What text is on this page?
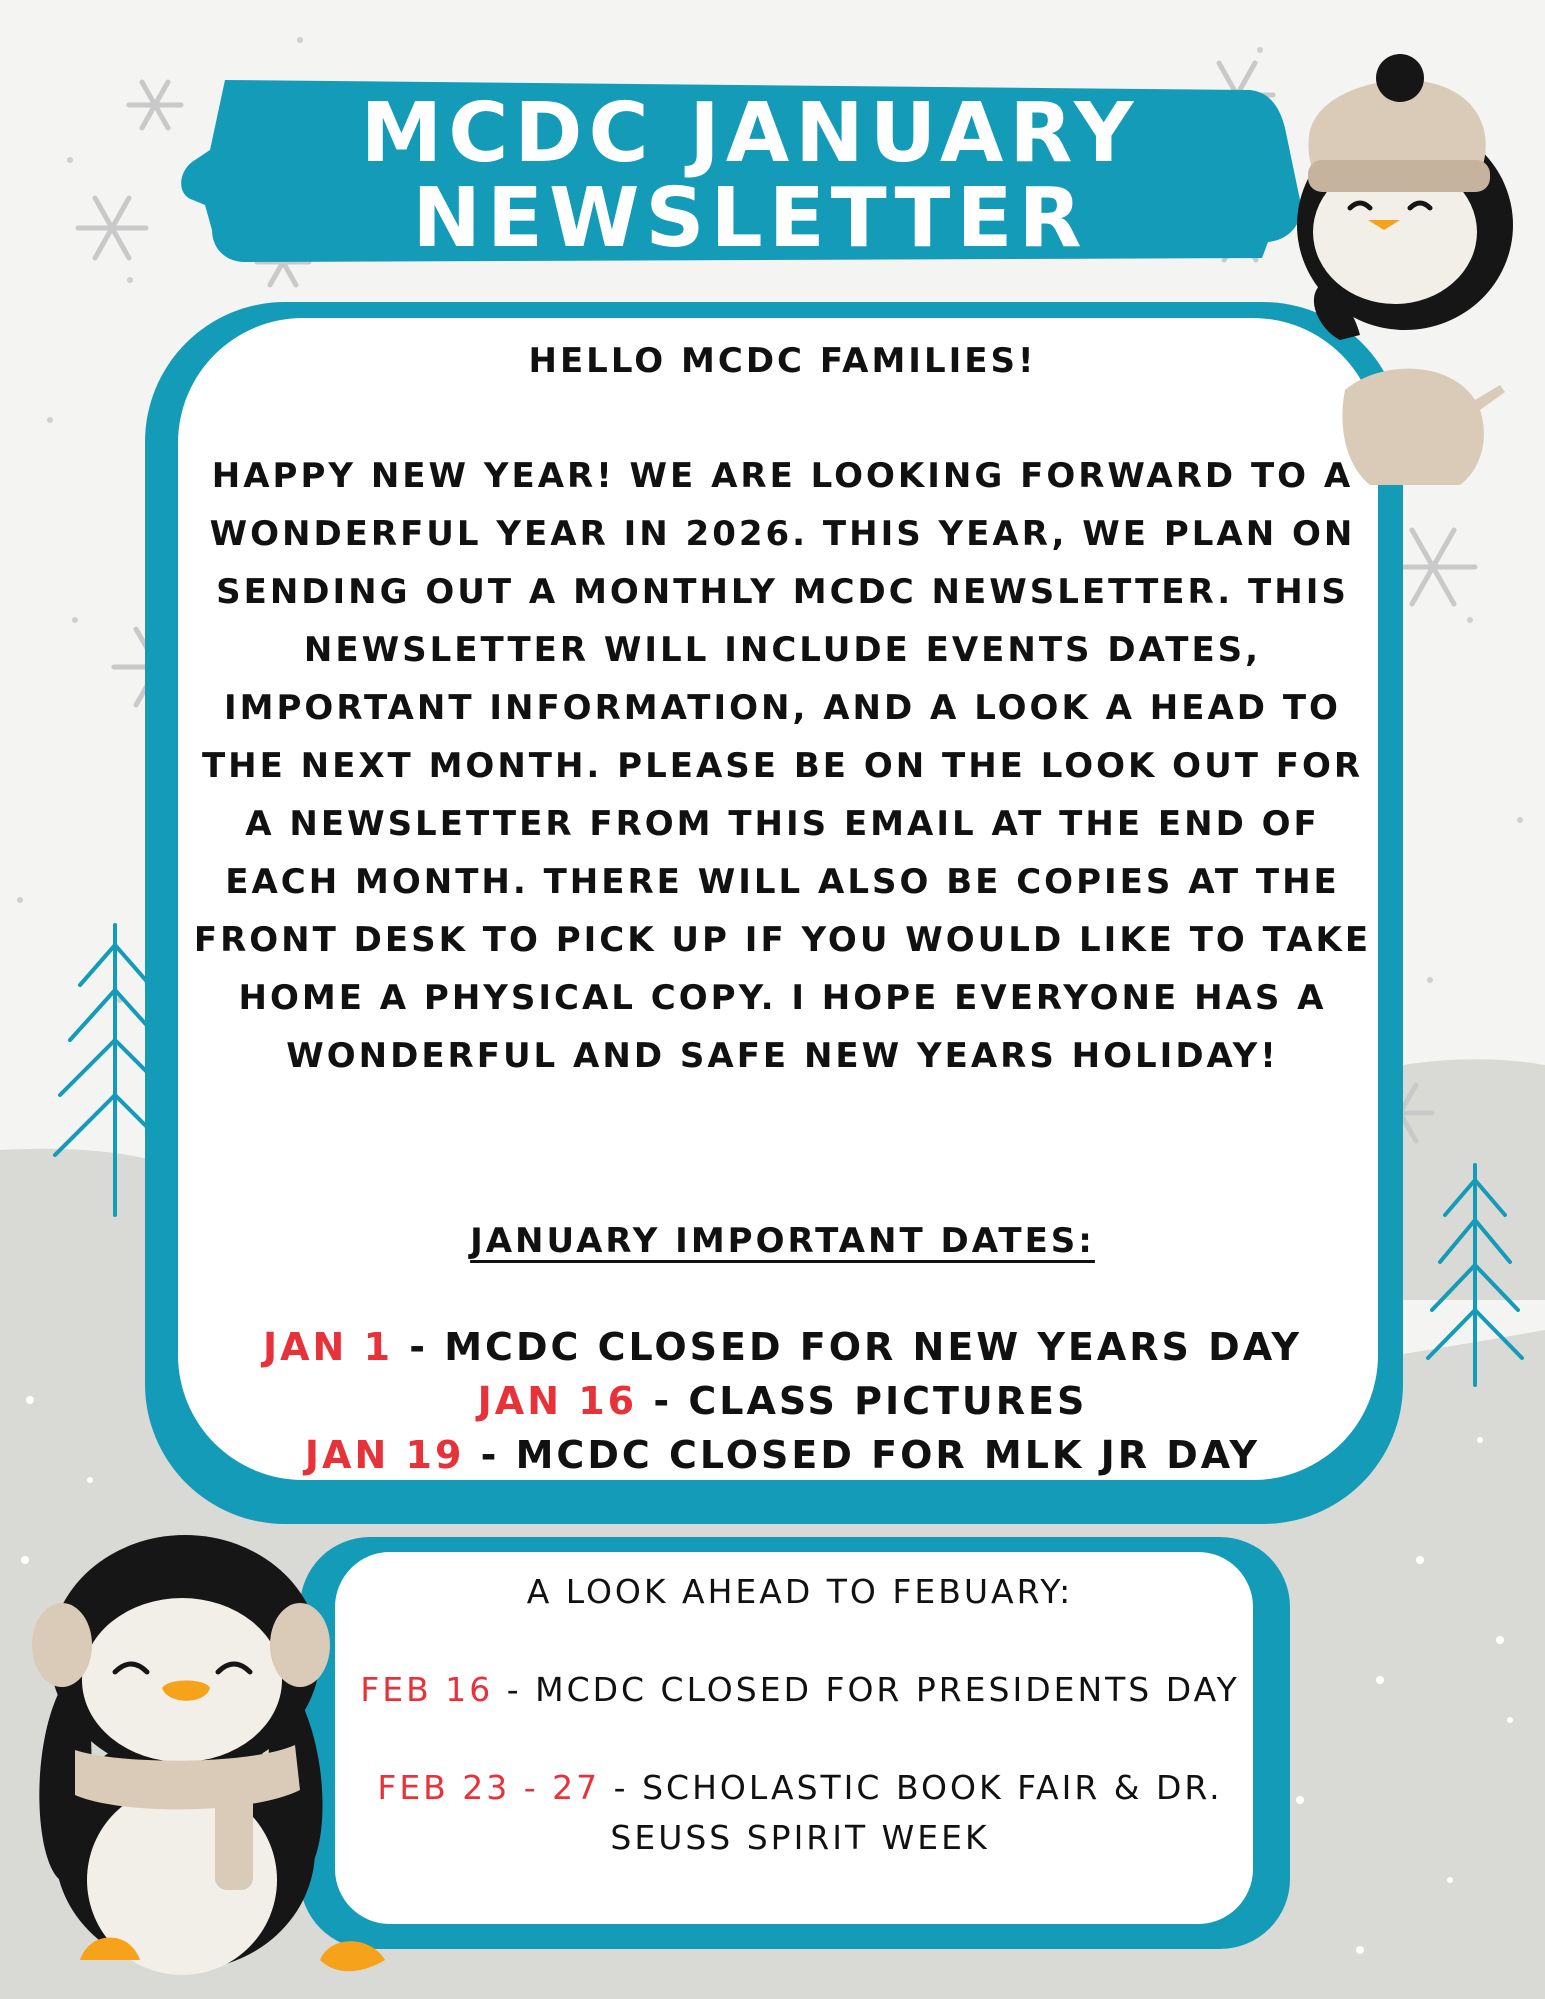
MCDC JANUARY
NEWSLETTER
HELLO MCDC FAMILIES!
HAPPY NEW YEAR! WE ARE LOOKING FORWARD TO A WONDERFUL YEAR IN 2026. THIS YEAR, WE PLAN ON SENDING OUT A MONTHLY MCDC NEWSLETTER. THIS NEWSLETTER WILL INCLUDE EVENTS DATES, IMPORTANT INFORMATION, AND A LOOK A HEAD TO THE NEXT MONTH. PLEASE BE ON THE LOOK OUT FOR A NEWSLETTER FROM THIS EMAIL AT THE END OF EACH MONTH. THERE WILL ALSO BE COPIES AT THE FRONT DESK TO PICK UP IF YOU WOULD LIKE TO TAKE HOME A PHYSICAL COPY. I HOPE EVERYONE HAS A WONDERFUL AND SAFE NEW YEARS HOLIDAY!
JANUARY IMPORTANT DATES:
JAN 1 - MCDC CLOSED FOR NEW YEARS DAY
JAN 16 - CLASS PICTURES
JAN 19 - MCDC CLOSED FOR MLK JR DAY
A LOOK AHEAD TO FEBUARY:
FEB 16 - MCDC CLOSED FOR PRESIDENTS DAY
FEB 23 - 27 - SCHOLASTIC BOOK FAIR & DR. SEUSS SPIRIT WEEK
